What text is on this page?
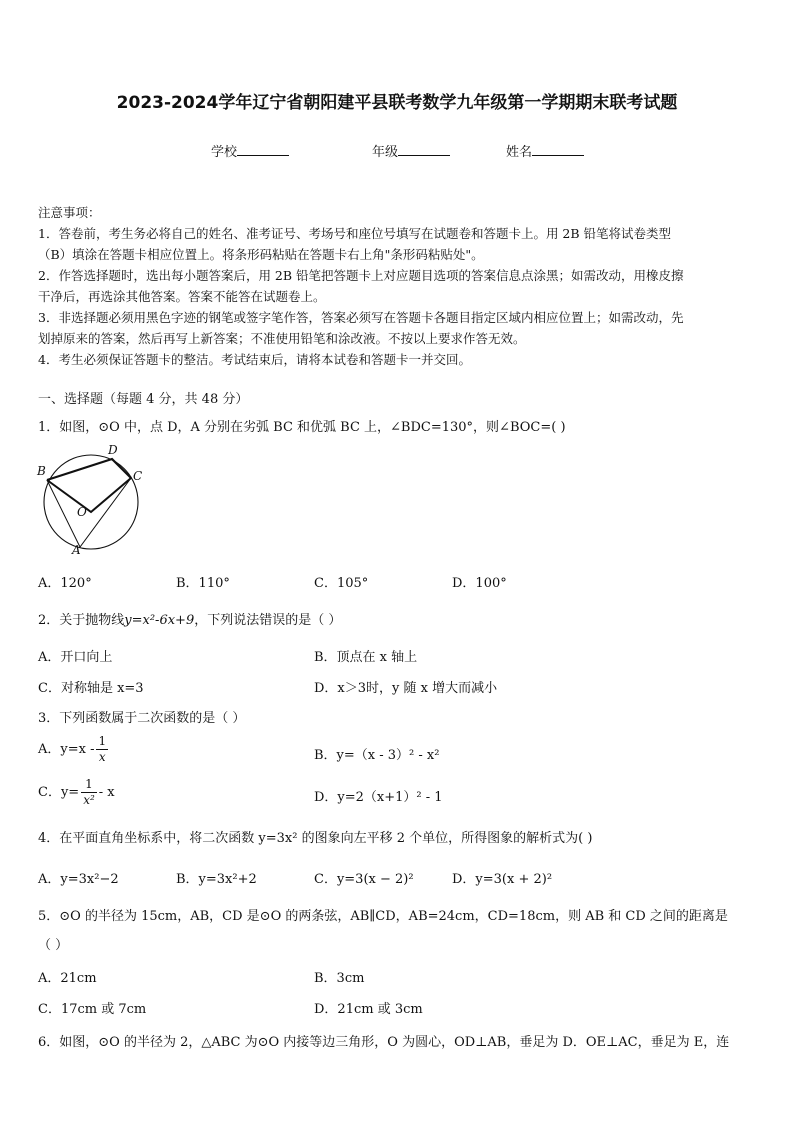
2023-2024学年辽宁省朝阳建平县联考数学九年级第一学期期末联考试题
学校	年级	姓名
注意事项：
1．答卷前，考生务必将自己的姓名、准考证号、考场号和座位号填写在试题卷和答题卡上。用 2B 铅笔将试卷类型
（B）填涂在答题卡相应位置上。将条形码粘贴在答题卡右上角"条形码粘贴处"。
2．作答选择题时，选出每小题答案后，用 2B 铅笔把答题卡上对应题目选项的答案信息点涂黑；如需改动，用橡皮擦
干净后，再选涂其他答案。答案不能答在试题卷上。
3．非选择题必须用黑色字迹的钢笔或签字笔作答，答案必须写在答题卡各题目指定区域内相应位置上；如需改动，先
划掉原来的答案，然后再写上新答案；不准使用铅笔和涂改液。不按以上要求作答无效。
4．考生必须保证答题卡的整洁。考试结束后，请将本试卷和答题卡一并交回。
一、选择题（每题 4 分，共 48 分）
1．如图，⊙O 中，点 D，A 分别在劣弧 BC 和优弧 BC 上，∠BDC=130°，则∠BOC=( )
B
D
C
O
A
A．120°	B．110°	C．105°	D．100°
2．关于抛物线y=x²-6x+9，下列说法错误的是（ ）
A．开口向上	B．顶点在 x 轴上
C．对称轴是 x=3	D．x＞3时，y 随 x 增大而减小
3．下列函数属于二次函数的是（ ）
A．$y=x - \frac{1}{x}$	B．y=（x - 3）² - x²
C．$y= \frac{1}{\text{x²}} - x$	D．y=2（x+1）² - 1
4．在平面直角坐标系中，将二次函数 y=3x² 的图象向左平移 2 个单位，所得图象的解析式为( )
A．y=3x²−2	B．y=3x²+2	C．y=3(x − 2)²	D．y=3(x + 2)²
5．⊙O 的半径为 15cm，AB，CD 是⊙O 的两条弦，AB∥CD，AB=24cm，CD=18cm，则 AB 和 CD 之间的距离是
（ ）
A．21cm	B．3cm
C．17cm 或 7cm	D．21cm 或 3cm
6．如图，⊙O 的半径为 2，△ABC 为⊙O 内接等边三角形，O 为圆心，OD⊥AB，垂足为 D．OE⊥AC，垂足为 E，连
